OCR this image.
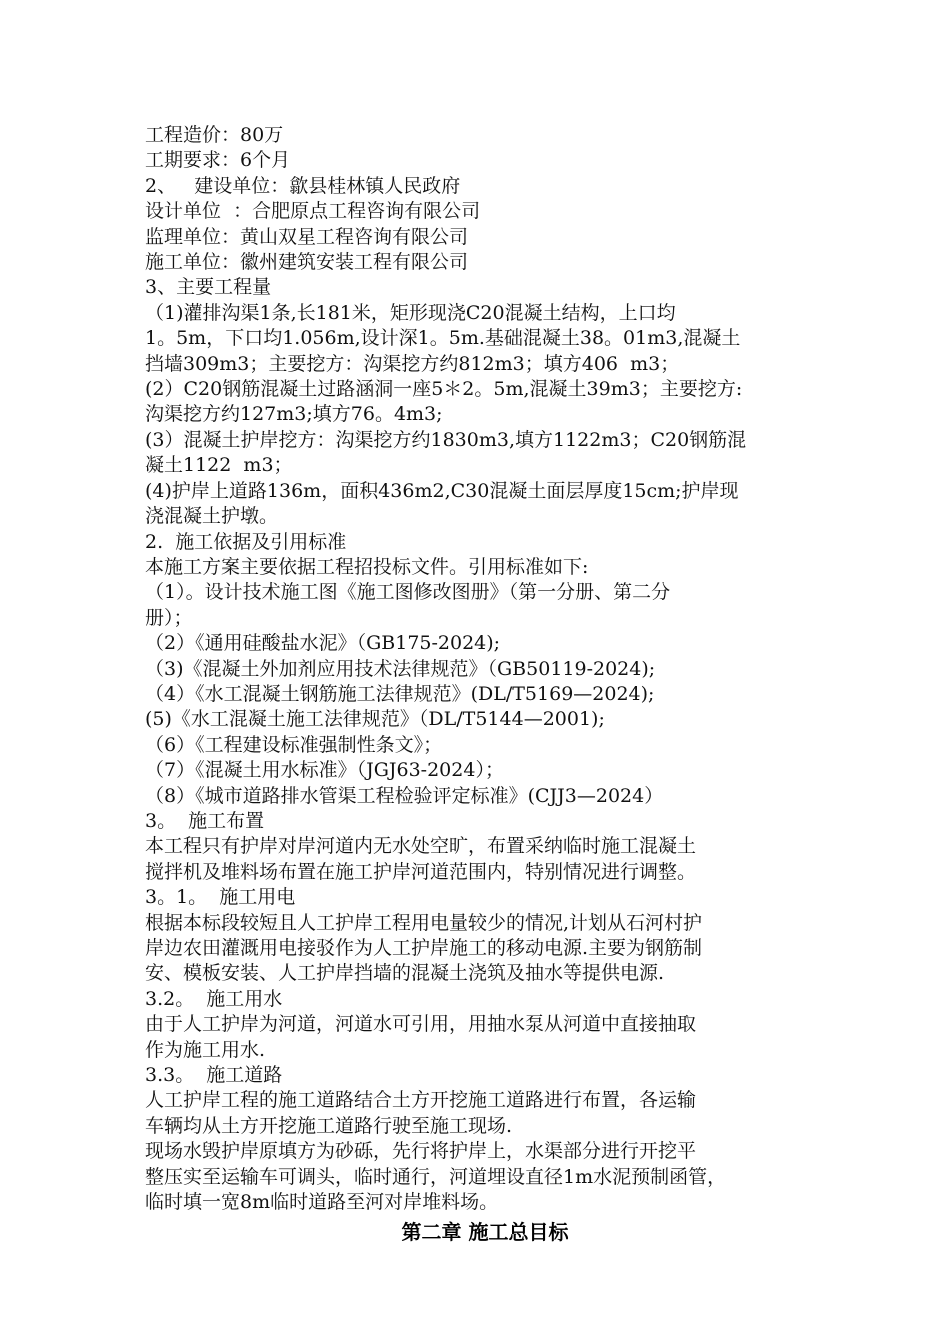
工程造价：80万
工期要求：6个月
2、   建设单位：歙县桂林镇人民政府
设计单位  ：合肥原点工程咨询有限公司
监理单位：黄山双星工程咨询有限公司
施工单位：徽州建筑安装工程有限公司
3、主要工程量
（1)灌排沟渠1条,长181米，矩形现浇C20混凝土结构，上口均
1。5m，下口均1.056m,设计深1。5m.基础混凝土38。01m3,混凝土
挡墙309m3；主要挖方：沟渠挖方约812m3；填方406  m3；
(2）C20钢筋混凝土过路涵洞一座5＊2。5m,混凝土39m3；主要挖方:
沟渠挖方约127m3;填方76。4m3;
(3）混凝土护岸挖方：沟渠挖方约1830m3,填方1122m3；C20钢筋混
凝土1122  m3；
(4)护岸上道路136m，面积436m2,C30混凝土面层厚度15cm;护岸现
浇混凝土护墩。
2.  施工依据及引用标准
本施工方案主要依据工程招投标文件。引用标准如下:
（1）。设计技术施工图《施工图修改图册》（第一分册、第二分
册）；
（2）《通用硅酸盐水泥》（GB175-2024);
（3)《混凝土外加剂应用技术法律规范》（GB50119-2024);
（4）《水工混凝土钢筋施工法律规范》(DL/T5169—2024);
(5)《水工混凝土施工法律规范》（DL/T5144—2001);
（6）《工程建设标准强制性条文》；
（7）《混凝土用水标准》（JGJ63-2024）；
（8）《城市道路排水管渠工程检验评定标准》(CJJ3—2024）
3。  施工布置
本工程只有护岸对岸河道内无水处空旷，布置采纳临时施工混凝土
搅拌机及堆料场布置在施工护岸河道范围内，特别情况进行调整。
3。1。  施工用电
根据本标段较短且人工护岸工程用电量较少的情况,计划从石河村护
岸边农田灌溉用电接驳作为人工护岸施工的移动电源.主要为钢筋制
安、模板安装、人工护岸挡墙的混凝土浇筑及抽水等提供电源.
3.2。  施工用水
由于人工护岸为河道，河道水可引用，用抽水泵从河道中直接抽取
作为施工用水.
3.3。  施工道路
人工护岸工程的施工道路结合土方开挖施工道路进行布置，各运输
车辆均从土方开挖施工道路行驶至施工现场.
现场水毁护岸原填方为砂砾，先行将护岸上，水渠部分进行开挖平
整压实至运输车可调头，临时通行，河道埋设直径1m水泥预制函管，
临时填一宽8m临时道路至河对岸堆料场。
第二章 施工总目标
